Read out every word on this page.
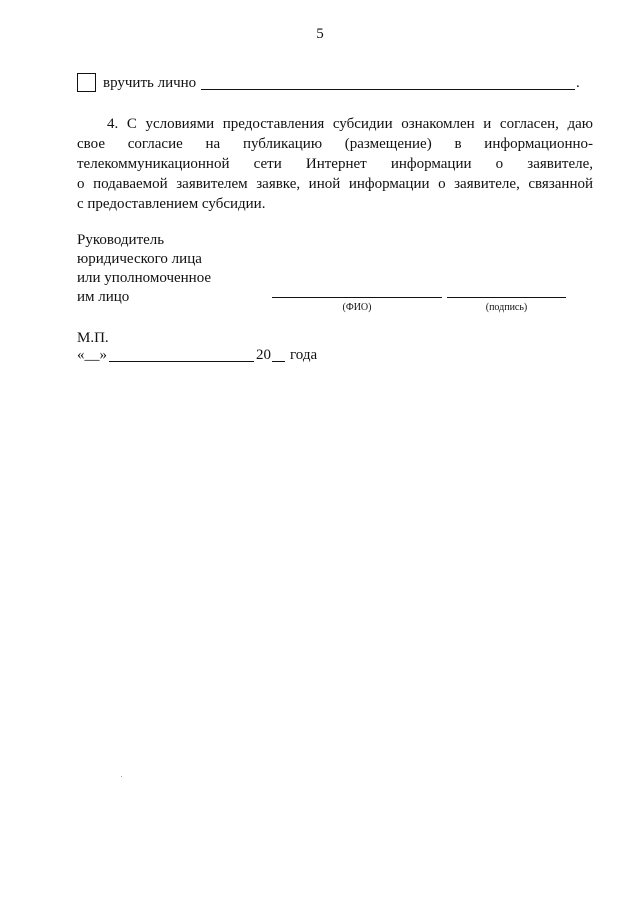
5
вручить лично	.
4. С условиями предоставления субсидии ознакомлен и согласен, даю
свое согласие на публикацию (размещение) в информационно-
телекоммуникационной сети Интернет информации о заявителе,
о подаваемой заявителем заявке, иной информации о заявителе, связанной
с предоставлением субсидии.
Руководитель
юридического лица
или уполномоченное
им лицо
(ФИО)	(подпись)
М.П.
«__»	20 года
